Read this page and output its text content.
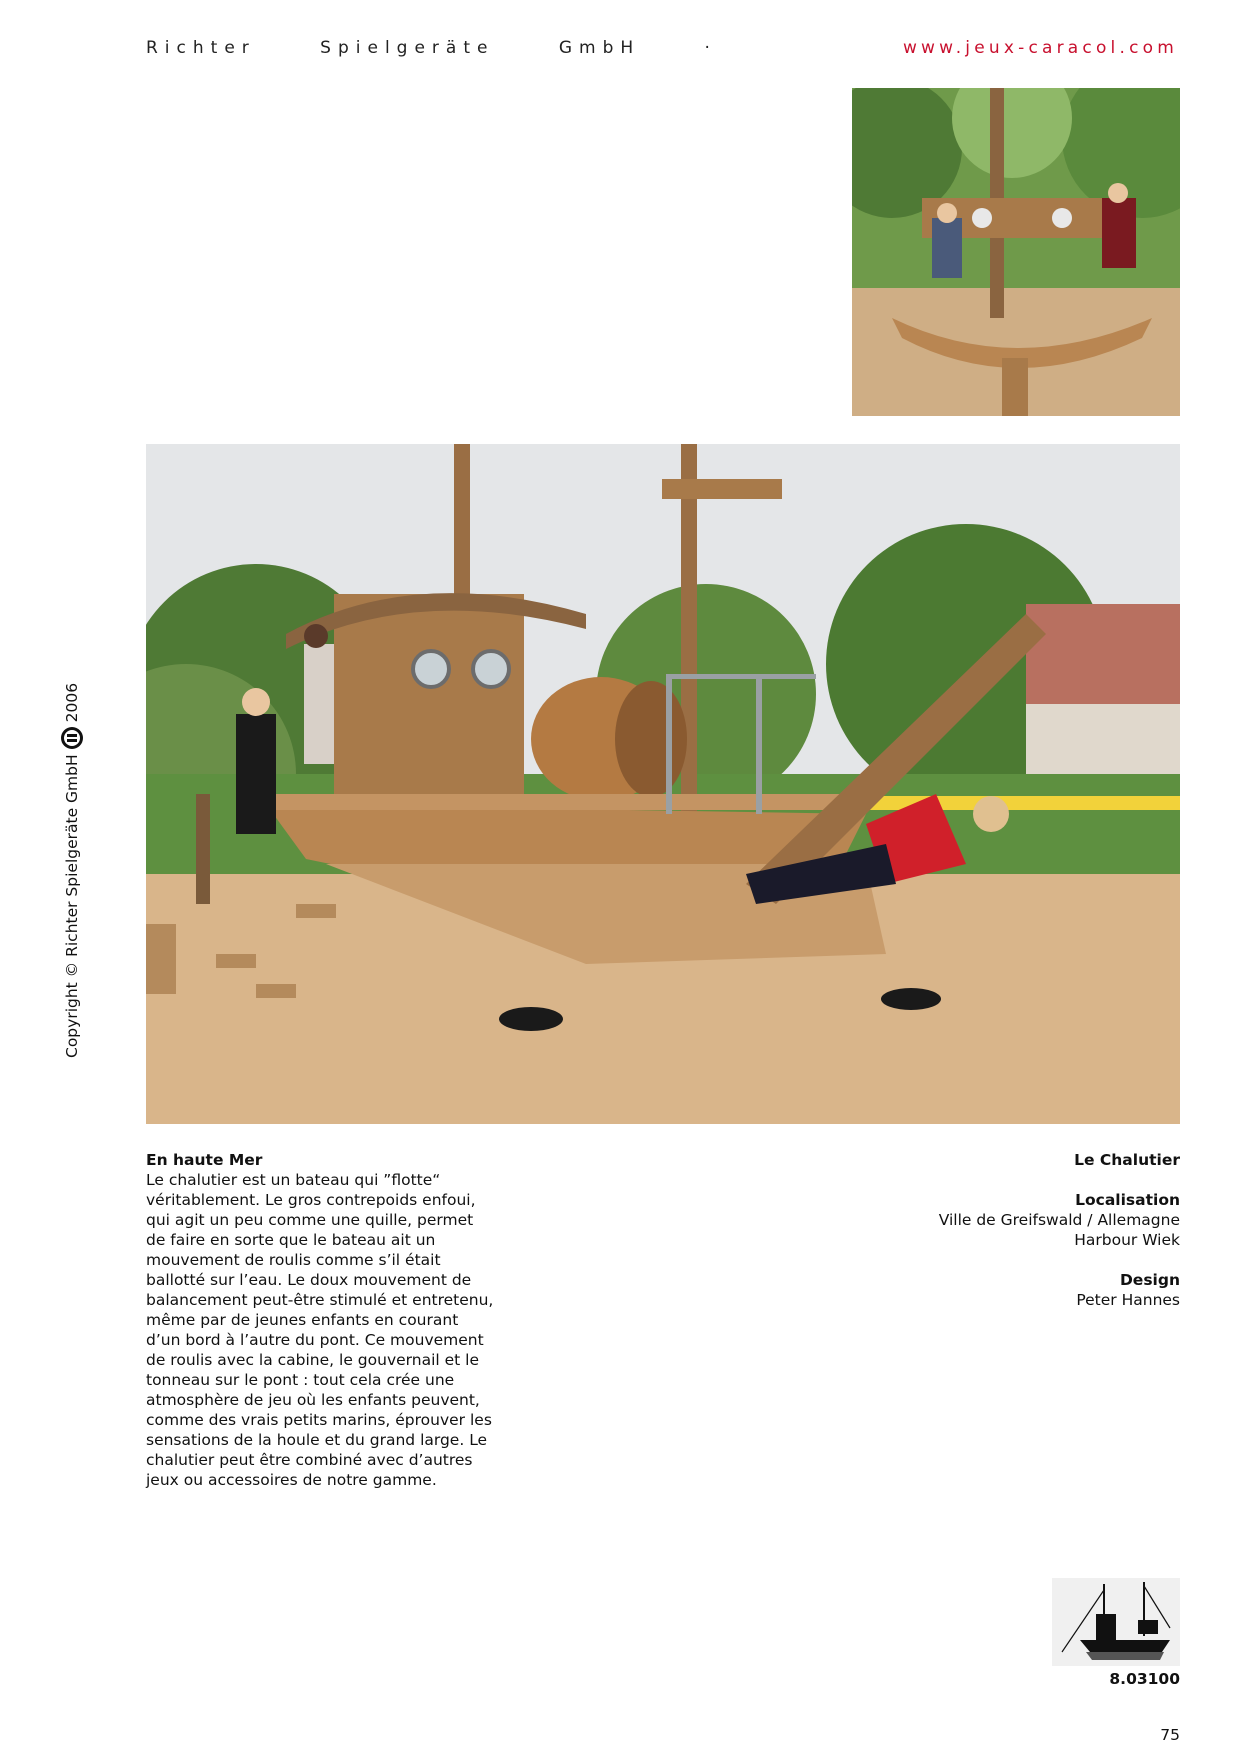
Richter Spielgeräte GmbH ·	www.jeux-caracol.com
Copyright © Richter Spielgeräte GmbH
2006
En haute Mer

Le chalutier est un bateau qui ”flotte“ véritablement. Le gros contrepoids enfoui, qui agit un peu comme une quille, permet de faire en sorte que le bateau ait un mouvement de roulis comme s’il était ballotté sur l’eau. Le doux mouvement de balancement peut-être stimulé et entretenu, même par de jeunes enfants en courant d’un bord à l’autre du pont. Ce mouvement de roulis avec la cabine, le gouvernail et le tonneau sur le pont : tout cela crée une atmosphère de jeu où les enfants peuvent, comme des vrais petits marins, éprouver les sensations de la houle et du grand large. Le chalutier peut être combiné avec d’autres jeux ou accessoires de notre gamme.

Le Chalutier
Localisation
Ville de Greifswald / Allemagne
Harbour Wiek
Design
Peter Hannes
8.03100
75
